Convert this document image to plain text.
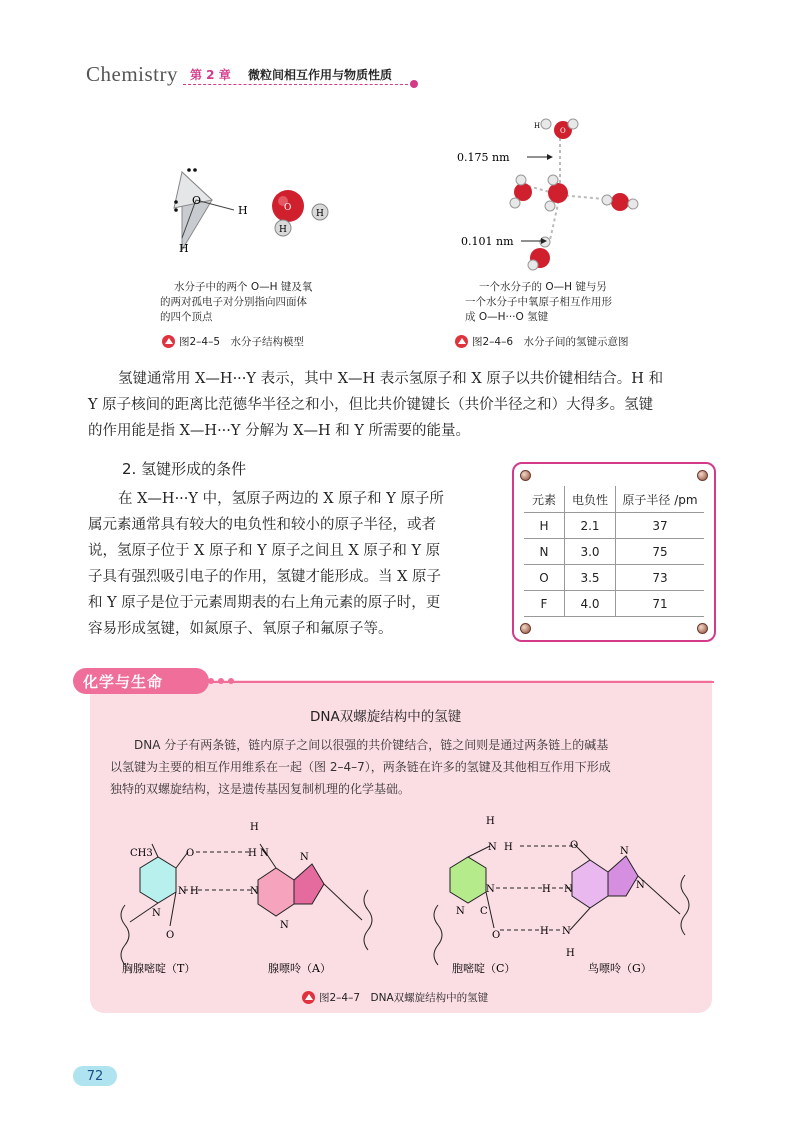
Chemistry 第 2 章 微粒间相互作用与物质性质
O
H
H
O
H
H
水分子中的两个 O—H 键及氧
的两对孤电子对分别指向四面体
的四个顶点
图2–4–5　水分子结构模型
H
O
0.175 nm
0.101 nm
一个水分子的 O—H 键与另
一个水分子中氧原子相互作用形
成 O—H···O 氢键
图2–4–6　水分子间的氢键示意图
氢键通常用 X—H···Y 表示，其中 X—H 表示氢原子和 X 原子以共价键相结合。H 和
Y 原子核间的距离比范德华半径之和小，但比共价键键长（共价半径之和）大得多。氢键
的作用能是指 X—H···Y 分解为 X—H 和 Y 所需要的能量。
2. 氢键形成的条件
在 X—H···Y 中，氢原子两边的 X 原子和 Y 原子所
属元素通常具有较大的电负性和较小的原子半径，或者
说，氢原子位于 X 原子和 Y 原子之间且 X 原子和 Y 原
子具有强烈吸引电子的作用，氢键才能形成。当 X 原子
和 Y 原子是位于元素周期表的右上角元素的原子时，更
容易形成氢键，如氮原子、氧原子和氟原子等。
元素	电负性	原子半径 /pm
H	2.1	37
N	3.0	75
O	3.5	73
F	4.0	71
化学与生命
DNA双螺旋结构中的氢键
DNA 分子有两条链，链内原子之间以很强的共价键结合，链之间则是通过两条链上的碱基
以氢键为主要的相互作用维系在一起（图 2–4–7），两条链在许多的氢键及其他相互作用下形成
独特的双螺旋结构，这是遗传基因复制机理的化学基础。
CH3	O
H
H N
N H	N
N
O
N
N
H
N H	O
N	H N
N C
O	H N
H
N
N
胸腺嘧啶（T）	腺嘌呤（A）	胞嘧啶（C）	鸟嘌呤（G）
图2–4–7　DNA双螺旋结构中的氢键
72
